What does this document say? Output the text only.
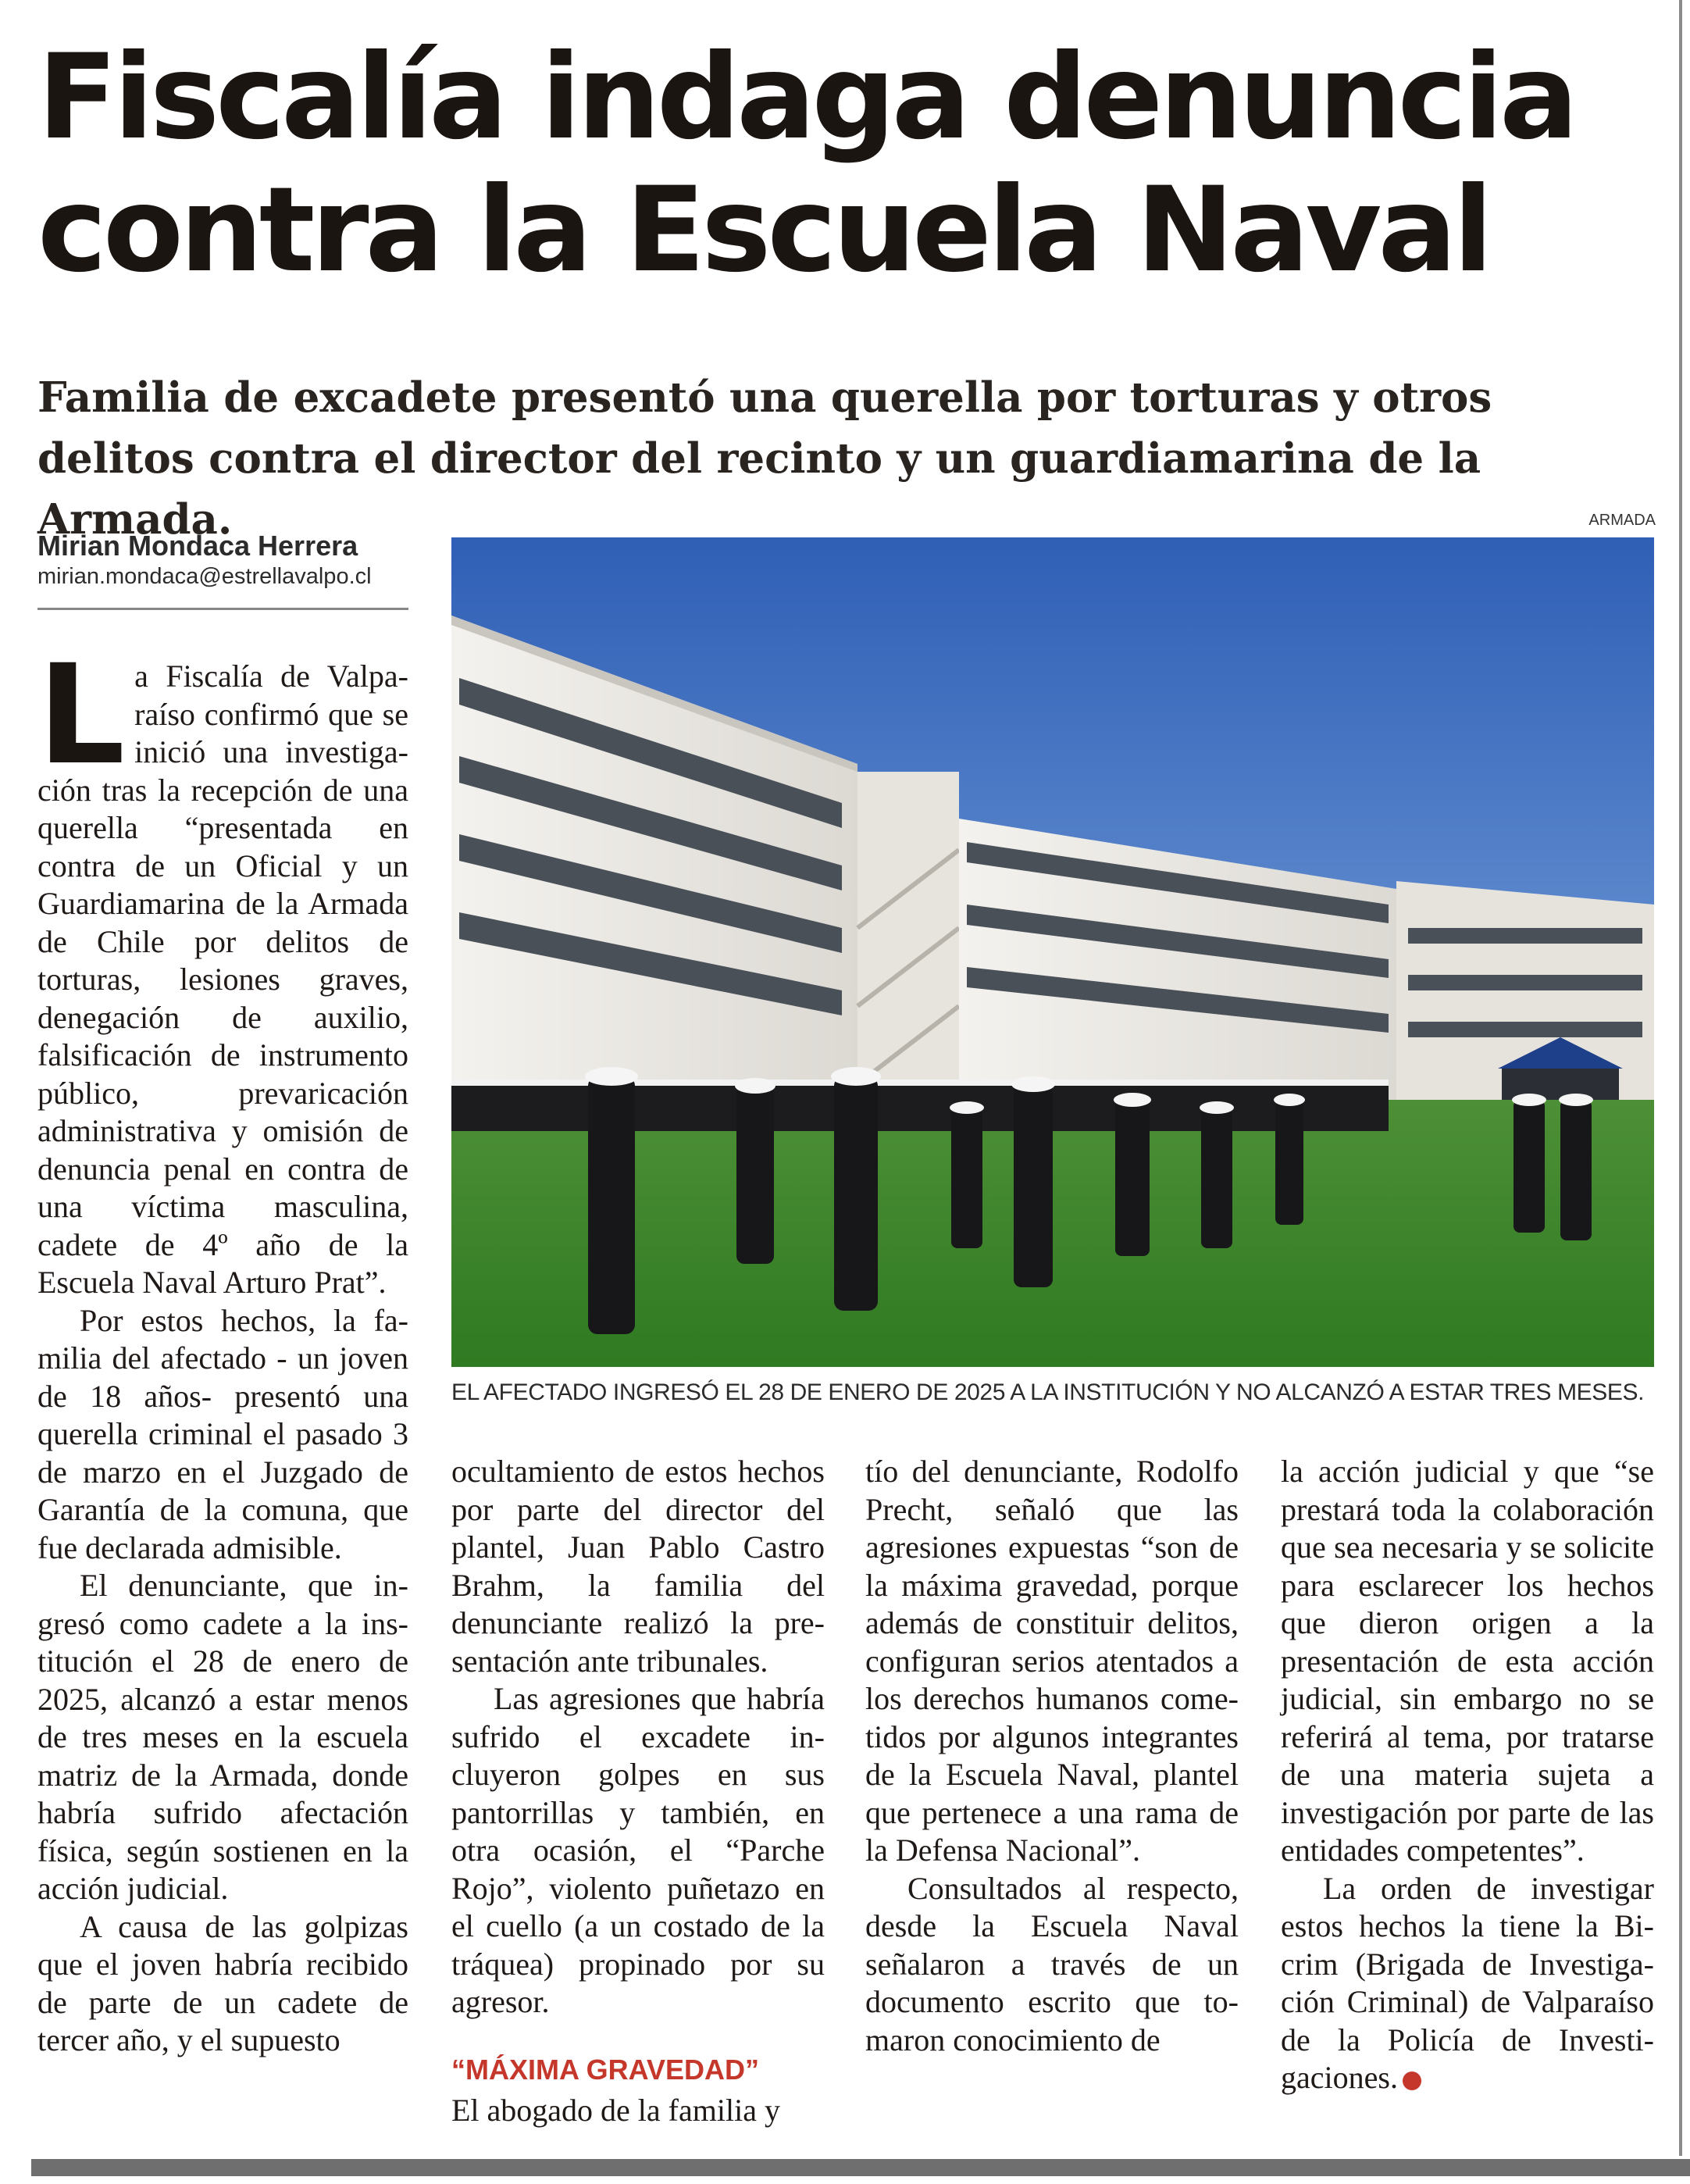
Fiscalía indaga denuncia contra la Escuela Naval

Familia de excadete presentó una querella por torturas y otros delitos contra el director del recinto y un guardiamarina de la Armada.

Mirian Mondaca Herrera
mirian.mondaca@estrellavalpo.cl
ARMADA
EL AFECTADO INGRESÓ EL 28 DE ENERO DE 2025 A LA INSTITUCIÓN Y NO ALCANZÓ A ESTAR TRES MESES.
L a Fiscalía de Valparaíso confirmó que se inició una investigación tras la recepción de una querella “presentada en contra de un Oficial y un Guardiamarina de la Armada de Chile por delitos de torturas, lesiones graves, denegación de auxilio, falsificación de instrumento público, prevaricación administrativa y omisión de denuncia penal en contra de una víctima masculina, cadete de 4º año de la Escuela Naval Arturo Prat”.

Por estos hechos, la familia del afectado - un joven de 18 años- presentó una querella criminal el pasado 3 de marzo en el Juzgado de Garantía de la comuna, que fue declarada admisible.

El denunciante, que ingresó como cadete a la institución el 28 de enero de 2025, alcanzó a estar menos de tres meses en la escuela matriz de la Armada, donde habría sufrido afectación física, según sostienen en la acción judicial.

A causa de las golpizas que el joven habría recibido de parte de un cadete de tercer año, y el supuesto

ocultamiento de estos hechos por parte del director del plantel, Juan Pablo Castro Brahm, la familia del denunciante realizó la presentación ante tribunales.

Las agresiones que habría sufrido el excadete incluyeron golpes en sus pantorrillas y también, en otra ocasión, el “Parche Rojo”, violento puñetazo en el cuello (a un costado de la tráquea) propinado por su agresor.

“MÁXIMA GRAVEDAD”

El abogado de la familia y

tío del denunciante, Rodolfo Precht, señaló que las agresiones expuestas “son de la máxima gravedad, porque además de constituir delitos, configuran serios atentados a los derechos humanos cometidos por algunos integrantes de la Escuela Naval, plantel que pertenece a una rama de la Defensa Nacional”.

Consultados al respecto, desde la Escuela Naval señalaron a través de un documento escrito que tomaron conocimiento de

la acción judicial y que “se prestará toda la colaboración que sea necesaria y se solicite para esclarecer los hechos que dieron origen a la presentación de esta acción judicial, sin embargo no se referirá al tema, por tratarse de una materia sujeta a investigación por parte de las entidades competentes”.

La orden de investigar estos hechos la tiene la Bicrim (Brigada de Investigación Criminal) de Valparaíso de la Policía de Investigaciones.	✪
